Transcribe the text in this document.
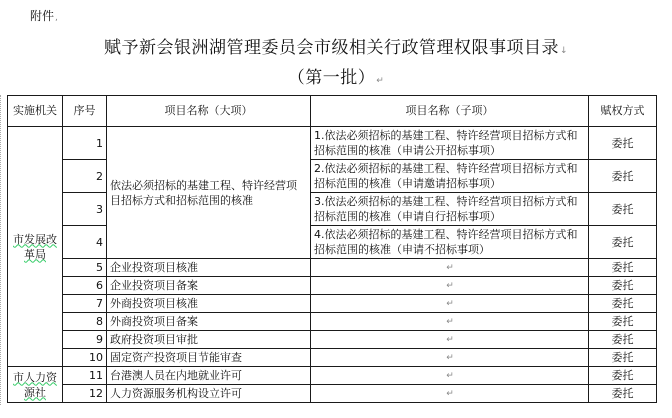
附件,
赋予新会银洲湖管理委员会市级相关行政管理权限事项目录↓
（第一批）↵
实施机关	序号	项目名称（大项）	项目名称（子项）	赋权方式
市发展改革局	1	依法必须招标的基建工程、特许经营项目招标方式和招标范围的核准	1.依法必须招标的基建工程、特许经营项目招标方式和招标范围的核准（申请公开招标事项）	委托
	2		2.依法必须招标的基建工程、特许经营项目招标方式和招标范围的核准（申请邀请招标事项）	委托
	3		3.依法必须招标的基建工程、特许经营项目招标方式和招标范围的核准（申请自行招标事项）	委托
	4		4.依法必须招标的基建工程、特许经营项目招标方式和招标范围的核准（申请不招标事项）	委托
	5	企业投资项目核准	↵	委托
	6	企业投资项目备案	↵	委托
	7	外商投资项目核准	↵	委托
	8	外商投资项目备案	↵	委托
	9	政府投资项目审批	↵	委托
	10	固定资产投资项目节能审查	↵	委托
市人力资源社	11	台港澳人员在内地就业许可	↵	委托
	12	人力资源服务机构设立许可	↵	委托
